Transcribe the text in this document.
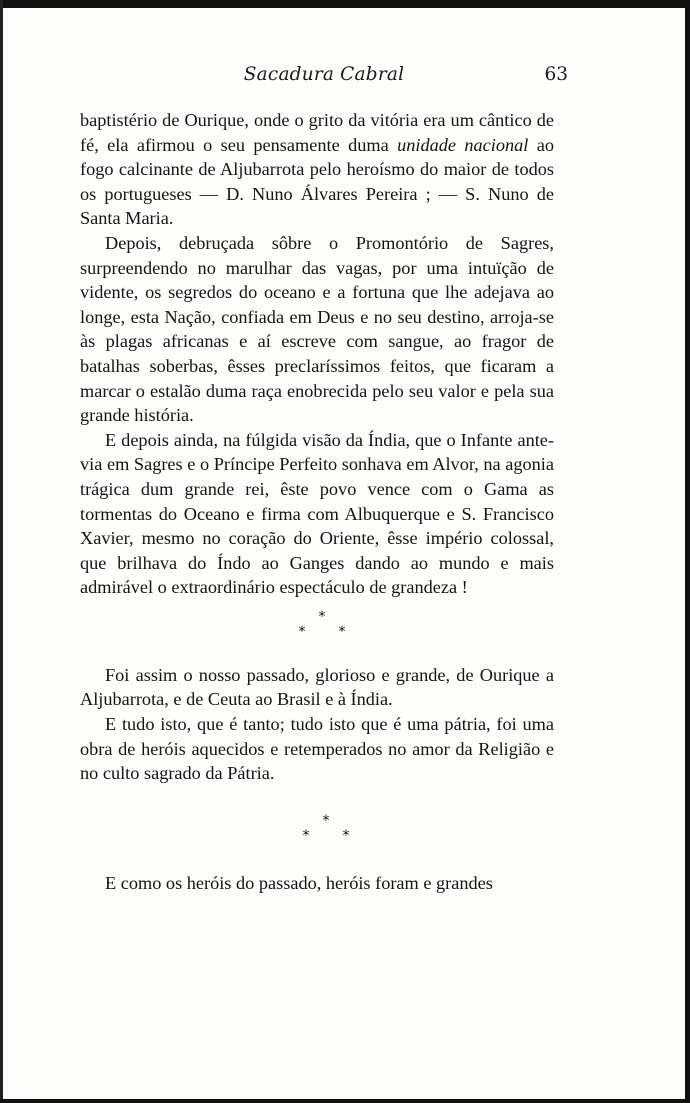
Sacadura Cabral	63

baptistério de Ourique, onde o grito da vitória era um cântico de fé, ela afirmou o seu pensamente duma unidade nacional ao fogo calcinante de Aljubarrota pelo heroísmo do maior de todos os portugueses — D. Nuno Álvares Pereira ; — S. Nuno de Santa Maria.

Depois, debruçada sôbre o Promontório de Sagres, surpreendendo no marulhar das vagas, por uma intuïção de vidente, os segredos do oceano e a fortuna que lhe adejava ao longe, esta Nação, confiada em Deus e no seu destino, arroja-se às plagas africanas e aí escreve com sangue, ao fragor de batalhas soberbas, êsses preclaríssimos feitos, que ficaram a marcar o estalão duma raça enobrecida pelo seu valor e pela sua grande história.

E depois ainda, na fúlgida visão da Índia, que o Infante ante-via em Sagres e o Príncipe Perfeito sonhava em Alvor, na agonia trágica dum grande rei, êste povo vence com o Gama as tormentas do Oceano e firma com Albuquerque e S. Francisco Xavier, mesmo no coração do Oriente, êsse império colossal, que brilhava do Índo ao Ganges dando ao mundo e mais admirável o extraordinário espectáculo de grandeza !

*
* *

Foi assim o nosso passado, glorioso e grande, de Ourique a Aljubarrota, e de Ceuta ao Brasil e à Índia.

E tudo isto, que é tanto; tudo isto que é uma pátria, foi uma obra de heróis aquecidos e retemperados no amor da Religião e no culto sagrado da Pátria.

*
* *

E como os heróis do passado, heróis foram e grandes
